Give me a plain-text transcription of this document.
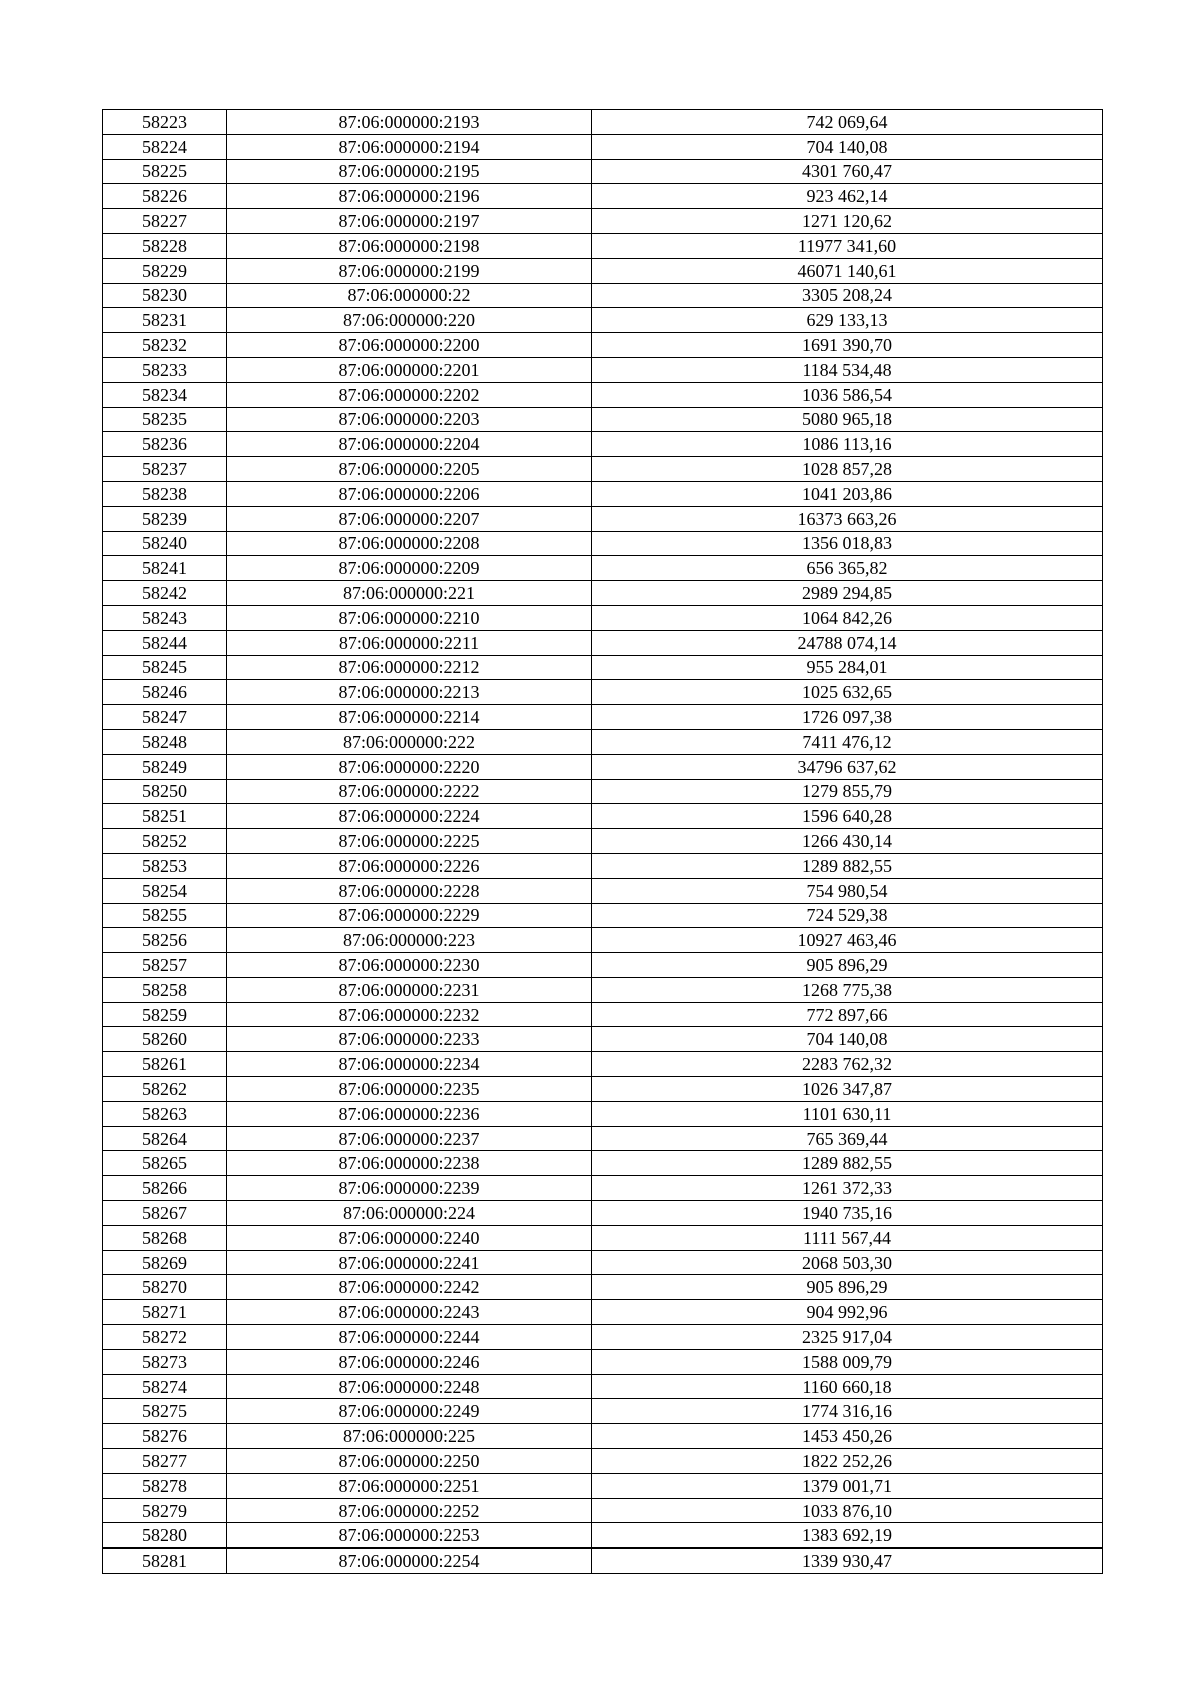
58223	87:06:000000:2193	742 069,64
58224	87:06:000000:2194	704 140,08
58225	87:06:000000:2195	4301 760,47
58226	87:06:000000:2196	923 462,14
58227	87:06:000000:2197	1271 120,62
58228	87:06:000000:2198	11977 341,60
58229	87:06:000000:2199	46071 140,61
58230	87:06:000000:22	3305 208,24
58231	87:06:000000:220	629 133,13
58232	87:06:000000:2200	1691 390,70
58233	87:06:000000:2201	1184 534,48
58234	87:06:000000:2202	1036 586,54
58235	87:06:000000:2203	5080 965,18
58236	87:06:000000:2204	1086 113,16
58237	87:06:000000:2205	1028 857,28
58238	87:06:000000:2206	1041 203,86
58239	87:06:000000:2207	16373 663,26
58240	87:06:000000:2208	1356 018,83
58241	87:06:000000:2209	656 365,82
58242	87:06:000000:221	2989 294,85
58243	87:06:000000:2210	1064 842,26
58244	87:06:000000:2211	24788 074,14
58245	87:06:000000:2212	955 284,01
58246	87:06:000000:2213	1025 632,65
58247	87:06:000000:2214	1726 097,38
58248	87:06:000000:222	7411 476,12
58249	87:06:000000:2220	34796 637,62
58250	87:06:000000:2222	1279 855,79
58251	87:06:000000:2224	1596 640,28
58252	87:06:000000:2225	1266 430,14
58253	87:06:000000:2226	1289 882,55
58254	87:06:000000:2228	754 980,54
58255	87:06:000000:2229	724 529,38
58256	87:06:000000:223	10927 463,46
58257	87:06:000000:2230	905 896,29
58258	87:06:000000:2231	1268 775,38
58259	87:06:000000:2232	772 897,66
58260	87:06:000000:2233	704 140,08
58261	87:06:000000:2234	2283 762,32
58262	87:06:000000:2235	1026 347,87
58263	87:06:000000:2236	1101 630,11
58264	87:06:000000:2237	765 369,44
58265	87:06:000000:2238	1289 882,55
58266	87:06:000000:2239	1261 372,33
58267	87:06:000000:224	1940 735,16
58268	87:06:000000:2240	1111 567,44
58269	87:06:000000:2241	2068 503,30
58270	87:06:000000:2242	905 896,29
58271	87:06:000000:2243	904 992,96
58272	87:06:000000:2244	2325 917,04
58273	87:06:000000:2246	1588 009,79
58274	87:06:000000:2248	1160 660,18
58275	87:06:000000:2249	1774 316,16
58276	87:06:000000:225	1453 450,26
58277	87:06:000000:2250	1822 252,26
58278	87:06:000000:2251	1379 001,71
58279	87:06:000000:2252	1033 876,10
58280	87:06:000000:2253	1383 692,19
58281	87:06:000000:2254	1339 930,47
